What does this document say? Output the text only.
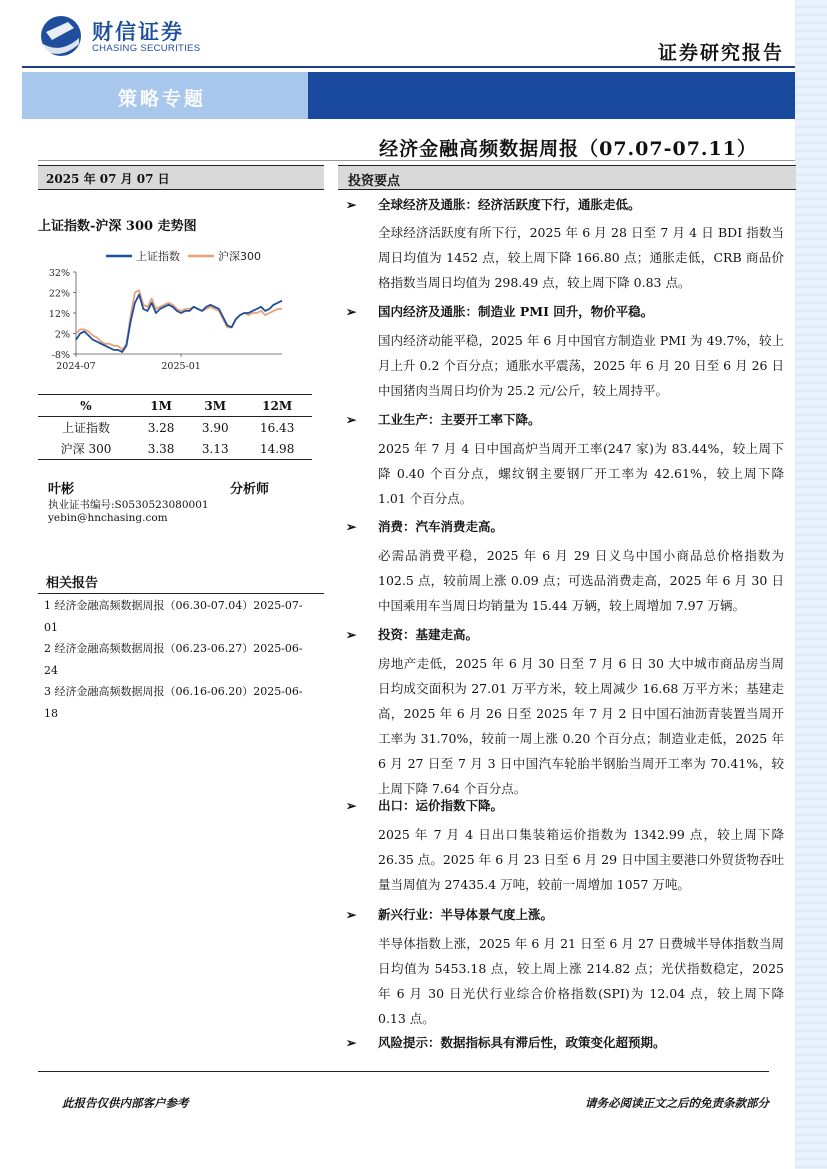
财信证券
CHASING SECURITIES	证券研究报告
策略专题
经济金融高频数据周报（07.07-07.11）
2025 年 07 月 07 日
上证指数-沪深 300 走势图
上证指数	沪深300
32%
22%
12%
2%
-8%
2024-07	2025-01
%	1M	3M	12M
上证指数	3.28	3.90	16.43
沪深 300	3.38	3.13	14.98
叶彬	分析师
执业证书编号:S0530523080001
yebin@hnchasing.com
相关报告
1 经济金融高频数据周报（06.30-07.04）2025-07-
01
2 经济金融高频数据周报（06.23-06.27）2025-06-
24
3 经济金融高频数据周报（06.16-06.20）2025-06-
18
投资要点
➢ 全球经济及通胀：经济活跃度下行，通胀走低。
全球经济活跃度有所下行，2025 年 6 月 28 日至 7 月 4 日 BDI 指数当周日均值为 1452 点，较上周下降 166.80 点；通胀走低，CRB 商品价格指数当周日均值为 298.49 点，较上周下降 0.83 点。
➢ 国内经济及通胀：制造业 PMI 回升，物价平稳。
国内经济动能平稳，2025 年 6 月中国官方制造业 PMI 为 49.7%，较上月上升 0.2 个百分点；通胀水平震荡，2025 年 6 月 20 日至 6 月 26 日中国猪肉当周日均价为 25.2 元/公斤，较上周持平。
➢ 工业生产：主要开工率下降。
2025 年 7 月 4 日中国高炉当周开工率(247 家)为 83.44%，较上周下降 0.40 个百分点，螺纹钢主要钢厂开工率为 42.61%，较上周下降 1.01 个百分点。
➢ 消费：汽车消费走高。
必需品消费平稳，2025 年 6 月 29 日义乌中国小商品总价格指数为 102.5 点，较前周上涨 0.09 点；可选品消费走高，2025 年 6 月 30 日中国乘用车当周日均销量为 15.44 万辆，较上周增加 7.97 万辆。
➢ 投资：基建走高。
房地产走低，2025 年 6 月 30 日至 7 月 6 日 30 大中城市商品房当周日均成交面积为 27.01 万平方米，较上周减少 16.68 万平方米；基建走高，2025 年 6 月 26 日至 2025 年 7 月 2 日中国石油沥青装置当周开工率为 31.70%，较前一周上涨 0.20 个百分点；制造业走低，2025 年 6 月 27 日至 7 月 3 日中国汽车轮胎半钢胎当周开工率为 70.41%，较上周下降 7.64 个百分点。
➢ 出口：运价指数下降。
2025 年 7 月 4 日出口集装箱运价指数为 1342.99 点，较上周下降 26.35 点。2025 年 6 月 23 日至 6 月 29 日中国主要港口外贸货物吞吐量当周值为 27435.4 万吨，较前一周增加 1057 万吨。
➢ 新兴行业：半导体景气度上涨。
半导体指数上涨，2025 年 6 月 21 日至 6 月 27 日费城半导体指数当周日均值为 5453.18 点，较上周上涨 214.82 点；光伏指数稳定，2025 年 6 月 30 日光伏行业综合价格指数(SPI)为 12.04 点，较上周下降 0.13 点。
➢ 风险提示：数据指标具有滞后性，政策变化超预期。
此报告仅供内部客户参考	请务必阅读正文之后的免责条款部分
